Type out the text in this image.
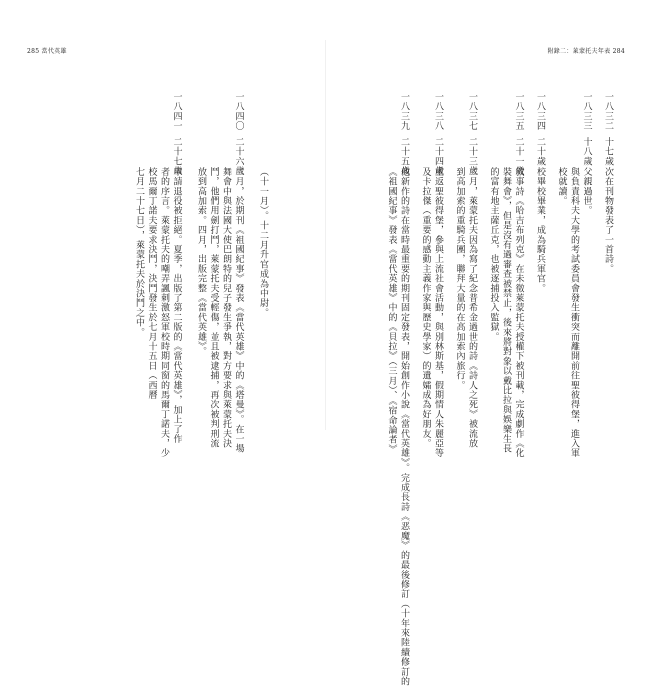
285 當代英雄	附錄二：萊蒙托夫年表 284
一八三二
十七歲
次在刊物發表了一首詩。
一八三三
十八歲
父親過世。
與負責科夫大學的考試委員會發生衝突而離開前往聖彼得堡，進入軍
校就讀。
一八三四
二十歲
校畢校畢業，成為騎兵軍官。
一八三五
二十一歲
敘事詩《哈吉布列克》在未徵萊蒙托夫授權下被刊載，完成劇作《化
裝舞會》，但是沒有過審查被禁止，後來將對象以戴比拉與娛樂生長
的富有地主薩丘克，也被逐捕投入監獄。
一八三七
二十三歲
二月，萊蒙托夫因為寫了紀念普希金過世的詩《詩人之死》被流放
到高加索的重騎兵團，聯拜大量的在高加索內旅行。
一八三八
二十四歲
重返聖彼得堡，參與上流社會活動，與別林斯基，假期情人朱麗亞等
及卡拉傑（重要的感動主義作家與歷史學家）的遺孀成為好朋友。
一八三九
二十五歲
他新作的詩在當時最重要的期刊固定發表，開始創作小說《當代英雄》。完成長詩《恶魔》的最後修訂（十年來陸續修訂的
《祖國紀事》發表《當代英雄》中的《貝拉》（三月）、《宿命論者》
（十一月）。十二月升官成為中尉。
一八四〇
二十六歲
二月，於期刊《祖國紀事》發表《當代英雄》中的《塔曼》。在一場
舞會中與法國大使巴朗特的兒子發生爭執，對方要求與萊蒙托夫決
鬥，他們用劍打鬥，萊蒙托夫受輕傷，並且被逮捕，再次被判刑流
放到高加索。四月，出版完整《當代英雄》。
一八四一
二十七歲
申請退役被拒絕。夏季，出版了第二版的《當代英雄》，加上了作
者的序言。萊蒙托夫的嘲弄諷刺激怒軍校時期同窗的馬爾丁諾夫，少
校馬爾丁諾夫要求決鬥，決鬥發生於七月十五日（西曆
七月二十七日），萊蒙托夫於決鬥之中。
